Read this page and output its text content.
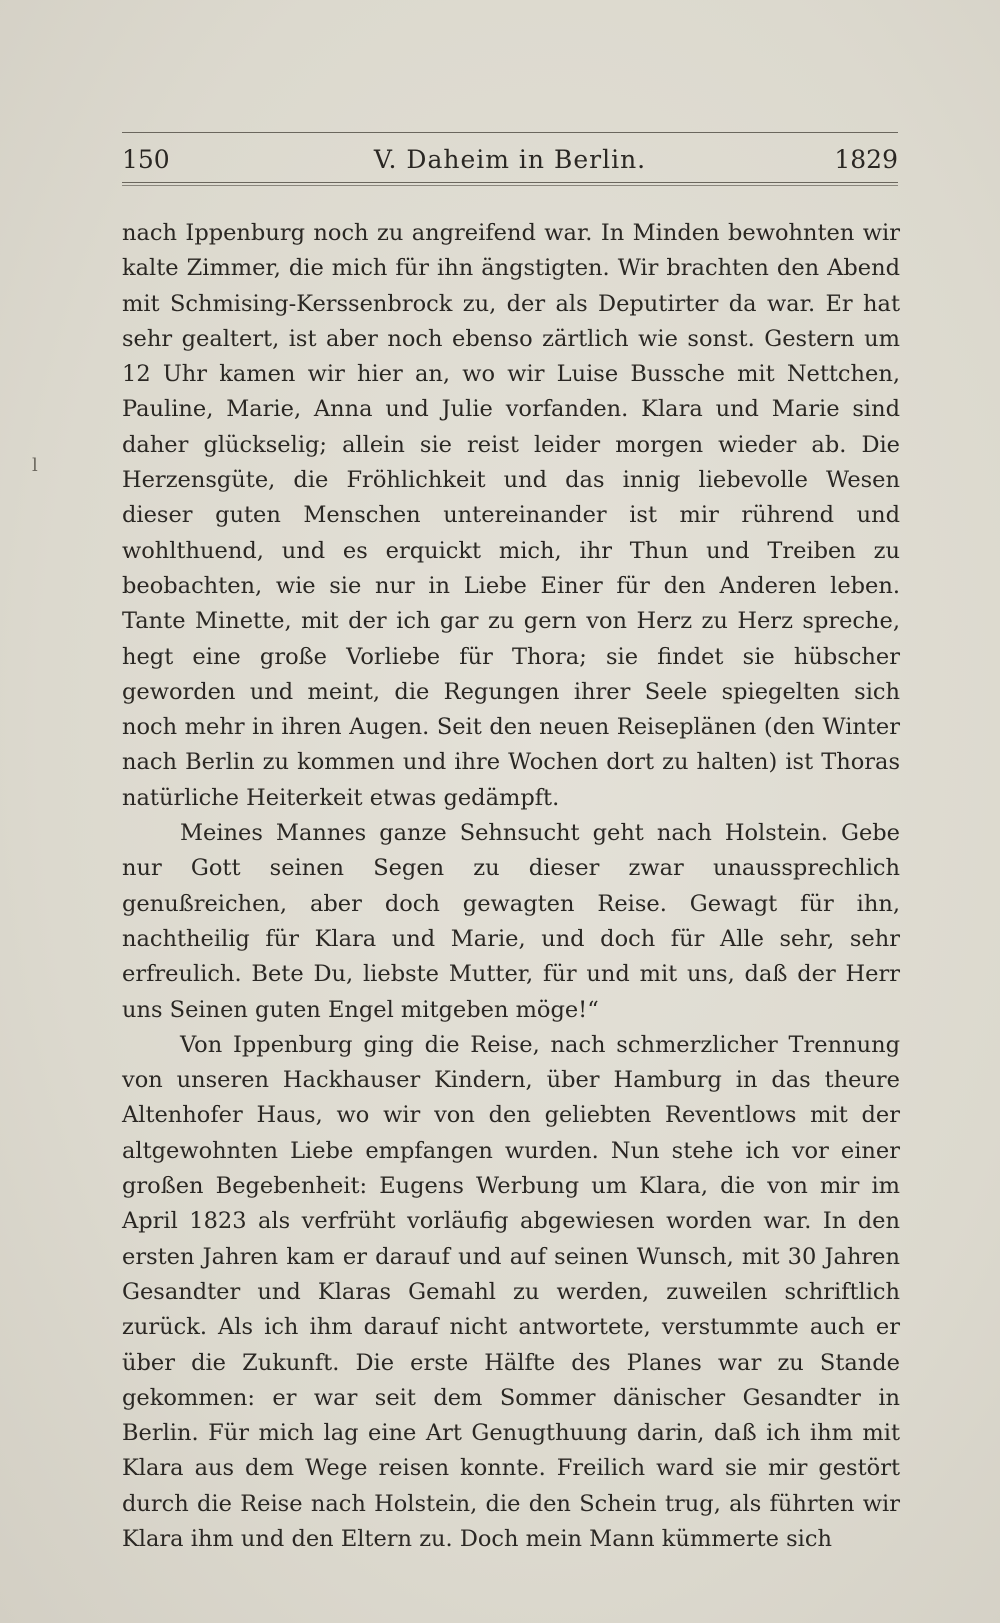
150	V. Daheim in Berlin.	1829
l

nach Ippenburg noch zu angreifend war. In Minden bewohnten wir kalte Zimmer, die mich für ihn ängstigten. Wir brachten den Abend mit Schmising-Kerssenbrock zu, der als Deputirter da war. Er hat sehr gealtert, ist aber noch ebenso zärtlich wie sonst. Gestern um 12 Uhr kamen wir hier an, wo wir Luise Bussche mit Nettchen, Pauline, Marie, Anna und Julie vorfanden. Klara und Marie sind daher glückselig; allein sie reist leider morgen wieder ab. Die Herzensgüte, die Fröhlichkeit und das innig liebevolle Wesen dieser guten Menschen untereinander ist mir rührend und wohlthuend, und es erquickt mich, ihr Thun und Treiben zu beobachten, wie sie nur in Liebe Einer für den Anderen leben. Tante Minette, mit der ich gar zu gern von Herz zu Herz spreche, hegt eine große Vorliebe für Thora; sie findet sie hübscher geworden und meint, die Regungen ihrer Seele spiegelten sich noch mehr in ihren Augen. Seit den neuen Reiseplänen (den Winter nach Berlin zu kommen und ihre Wochen dort zu halten) ist Thoras natürliche Heiterkeit etwas gedämpft.

Meines Mannes ganze Sehnsucht geht nach Holstein. Gebe nur Gott seinen Segen zu dieser zwar unaussprechlich genußreichen, aber doch gewagten Reise. Gewagt für ihn, nachtheilig für Klara und Marie, und doch für Alle sehr, sehr erfreulich. Bete Du, liebste Mutter, für und mit uns, daß der Herr uns Seinen guten Engel mitgeben möge!“

Von Ippenburg ging die Reise, nach schmerzlicher Trennung von unseren Hackhauser Kindern, über Hamburg in das theure Altenhofer Haus, wo wir von den geliebten Reventlows mit der altgewohnten Liebe empfangen wurden. Nun stehe ich vor einer großen Begebenheit: Eugens Werbung um Klara, die von mir im April 1823 als verfrüht vorläufig abgewiesen worden war. In den ersten Jahren kam er darauf und auf seinen Wunsch, mit 30 Jahren Gesandter und Klaras Gemahl zu werden, zuweilen schriftlich zurück. Als ich ihm darauf nicht antwortete, verstummte auch er über die Zukunft. Die erste Hälfte des Planes war zu Stande gekommen: er war seit dem Sommer dänischer Gesandter in Berlin. Für mich lag eine Art Genugthuung darin, daß ich ihm mit Klara aus dem Wege reisen konnte. Freilich ward sie mir gestört durch die Reise nach Holstein, die den Schein trug, als führten wir Klara ihm und den Eltern zu. Doch mein Mann kümmerte sich
